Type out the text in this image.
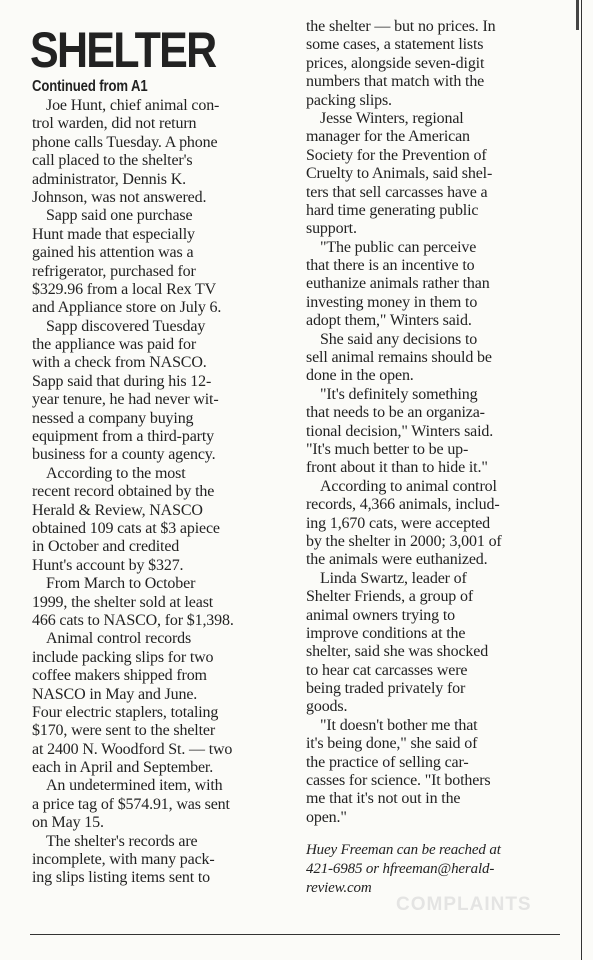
SHELTER
Continued from A1
Joe Hunt, chief animal con-
trol warden, did not return
phone calls Tuesday. A phone
call placed to the shelter's
administrator, Dennis K.
Johnson, was not answered.
Sapp said one purchase
Hunt made that especially
gained his attention was a
refrigerator, purchased for
$329.96 from a local Rex TV
and Appliance store on July 6.
Sapp discovered Tuesday
the appliance was paid for
with a check from NASCO.
Sapp said that during his 12-
year tenure, he had never wit-
nessed a company buying
equipment from a third-party
business for a county agency.
According to the most
recent record obtained by the
Herald & Review, NASCO
obtained 109 cats at $3 apiece
in October and credited
Hunt's account by $327.
From March to October
1999, the shelter sold at least
466 cats to NASCO, for $1,398.
Animal control records
include packing slips for two
coffee makers shipped from
NASCO in May and June.
Four electric staplers, totaling
$170, were sent to the shelter
at 2400 N. Woodford St. — two
each in April and September.
An undetermined item, with
a price tag of $574.91, was sent
on May 15.
The shelter's records are
incomplete, with many pack-
ing slips listing items sent to
the shelter — but no prices. In
some cases, a statement lists
prices, alongside seven-digit
numbers that match with the
packing slips.
Jesse Winters, regional
manager for the American
Society for the Prevention of
Cruelty to Animals, said shel-
ters that sell carcasses have a
hard time generating public
support.
"The public can perceive
that there is an incentive to
euthanize animals rather than
investing money in them to
adopt them," Winters said.
She said any decisions to
sell animal remains should be
done in the open.
"It's definitely something
that needs to be an organiza-
tional decision," Winters said.
"It's much better to be up-
front about it than to hide it."
According to animal control
records, 4,366 animals, includ-
ing 1,670 cats, were accepted
by the shelter in 2000; 3,001 of
the animals were euthanized.
Linda Swartz, leader of
Shelter Friends, a group of
animal owners trying to
improve conditions at the
shelter, said she was shocked
to hear cat carcasses were
being traded privately for
goods.
"It doesn't bother me that
it's being done," she said of
the practice of selling car-
casses for science. "It bothers
me that it's not out in the
open."
Huey Freeman can be reached at
421-6985 or hfreeman@herald-
review.com
COMPLAINTS
